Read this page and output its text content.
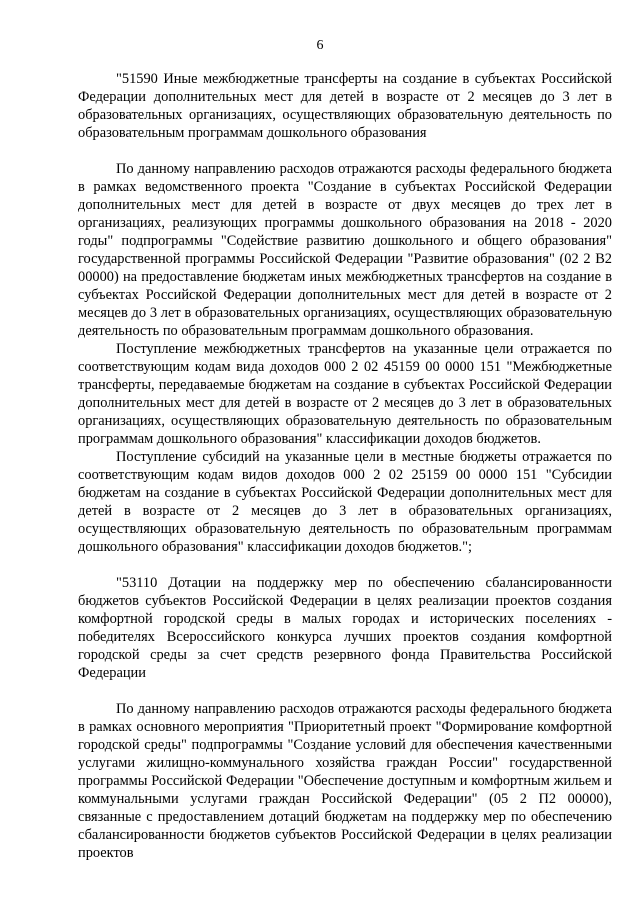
6

"51590 Иные межбюджетные трансферты на создание в субъектах Российской Федерации дополнительных мест для детей в возрасте от 2 месяцев до 3 лет в образовательных организациях, осуществляющих образовательную деятельность по образовательным программам дошкольного образования

По данному направлению расходов отражаются расходы федерального бюджета в рамках ведомственного проекта "Создание в субъектах Российской Федерации дополнительных мест для детей в возрасте от двух месяцев до трех лет в организациях, реализующих программы дошкольного образования на 2018 - 2020 годы" подпрограммы "Содействие развитию дошкольного и общего образования" государственной программы Российской Федерации "Развитие образования" (02 2 В2 00000) на предоставление бюджетам иных межбюджетных трансфертов на создание в субъектах Российской Федерации дополнительных мест для детей в возрасте от 2 месяцев до 3 лет в образовательных организациях, осуществляющих образовательную деятельность по образовательным программам дошкольного образования.

Поступление межбюджетных трансфертов на указанные цели отражается по соответствующим кодам вида доходов 000 2 02 45159 00 0000 151 "Межбюджетные трансферты, передаваемые бюджетам на создание в субъектах Российской Федерации дополнительных мест для детей в возрасте от 2 месяцев до 3 лет в образовательных организациях, осуществляющих образовательную деятельность по образовательным программам дошкольного образования" классификации доходов бюджетов.

Поступление субсидий на указанные цели в местные бюджеты отражается по соответствующим кодам видов доходов 000 2 02 25159 00 0000 151 "Субсидии бюджетам на создание в субъектах Российской Федерации дополнительных мест для детей в возрасте от 2 месяцев до 3 лет в образовательных организациях, осуществляющих образовательную деятельность по образовательным программам дошкольного образования" классификации доходов бюджетов.";

"53110 Дотации на поддержку мер по обеспечению сбалансированности бюджетов субъектов Российской Федерации в целях реализации проектов создания комфортной городской среды в малых городах и исторических поселениях - победителях Всероссийского конкурса лучших проектов создания комфортной городской среды за счет средств резервного фонда Правительства Российской Федерации

По данному направлению расходов отражаются расходы федерального бюджета в рамках основного мероприятия "Приоритетный проект "Формирование комфортной городской среды" подпрограммы "Создание условий для обеспечения качественными услугами жилищно-коммунального хозяйства граждан России" государственной программы Российской Федерации "Обеспечение доступным и комфортным жильем и коммунальными услугами граждан Российской Федерации" (05 2 П2 00000), связанные с предоставлением дотаций бюджетам на поддержку мер по обеспечению сбалансированности бюджетов субъектов Российской Федерации в целях реализации проектов
